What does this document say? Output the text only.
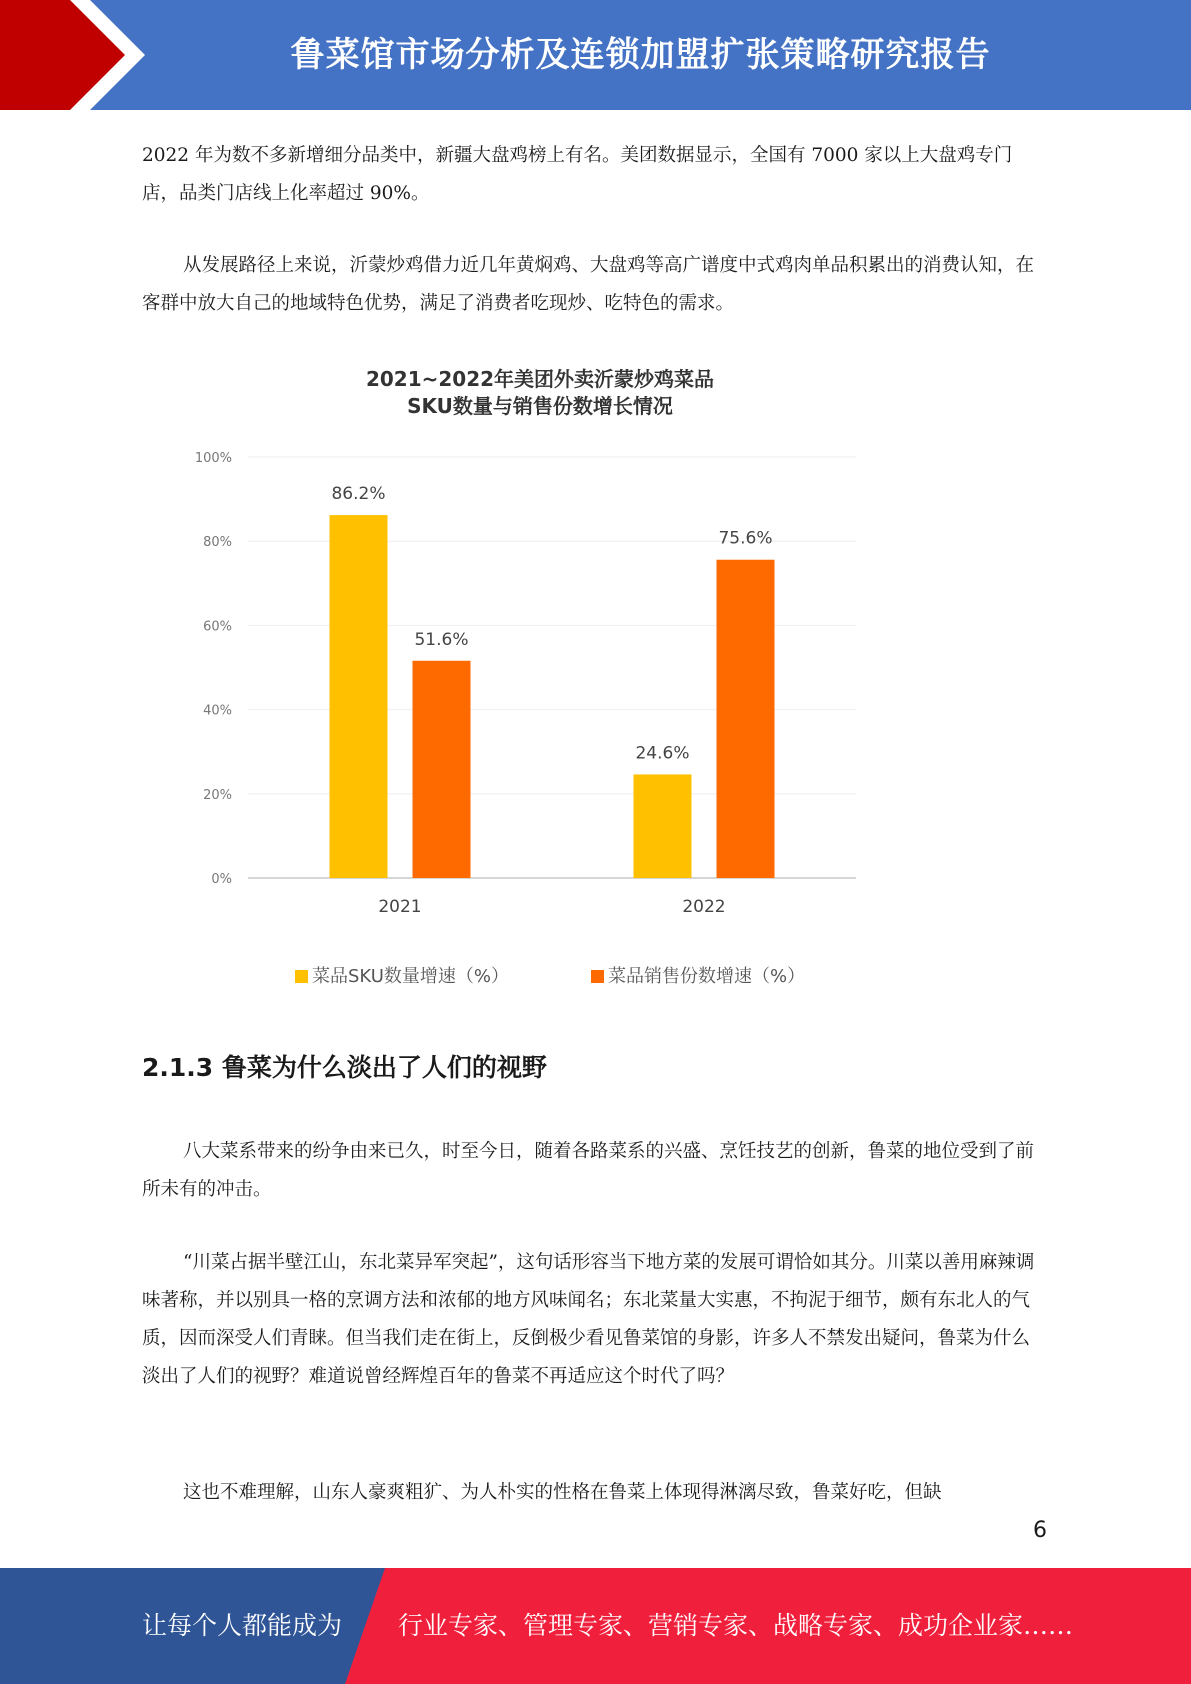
鲁菜馆市场分析及连锁加盟扩张策略研究报告

2022 年为数不多新增细分品类中，新疆大盘鸡榜上有名。美团数据显示，全国有 7000 家以上大盘鸡专门店，品类门店线上化率超过 90%。

从发展路径上来说，沂蒙炒鸡借力近几年黄焖鸡、大盘鸡等高广谱度中式鸡肉单品积累出的消费认知，在客群中放大自己的地域特色优势，满足了消费者吃现炒、吃特色的需求。

2021~2022年美团外卖沂蒙炒鸡菜品
SKU数量与销售份数增长情况
0%
20%
40%
60%
80%
100%
2021
86.2%
51.6%
2022
24.6%
75.6%
菜品SKU数量增速（%）	菜品销售份数增速（%）
2.1.3 鲁菜为什么淡出了人们的视野

八大菜系带来的纷争由来已久，时至今日，随着各路菜系的兴盛、烹饪技艺的创新，鲁菜的地位受到了前所未有的冲击。

“川菜占据半壁江山，东北菜异军突起”，这句话形容当下地方菜的发展可谓恰如其分。川菜以善用麻辣调味著称，并以别具一格的烹调方法和浓郁的地方风味闻名；东北菜量大实惠，不拘泥于细节，颇有东北人的气质，因而深受人们青睐。但当我们走在街上，反倒极少看见鲁菜馆的身影，许多人不禁发出疑问，鲁菜为什么淡出了人们的视野？难道说曾经辉煌百年的鲁菜不再适应这个时代了吗？

这也不难理解，山东人豪爽粗犷、为人朴实的性格在鲁菜上体现得淋漓尽致，鲁菜好吃，但缺

6
让每个人都能成为 行业专家、管理专家、营销专家、战略专家、成功企业家……
